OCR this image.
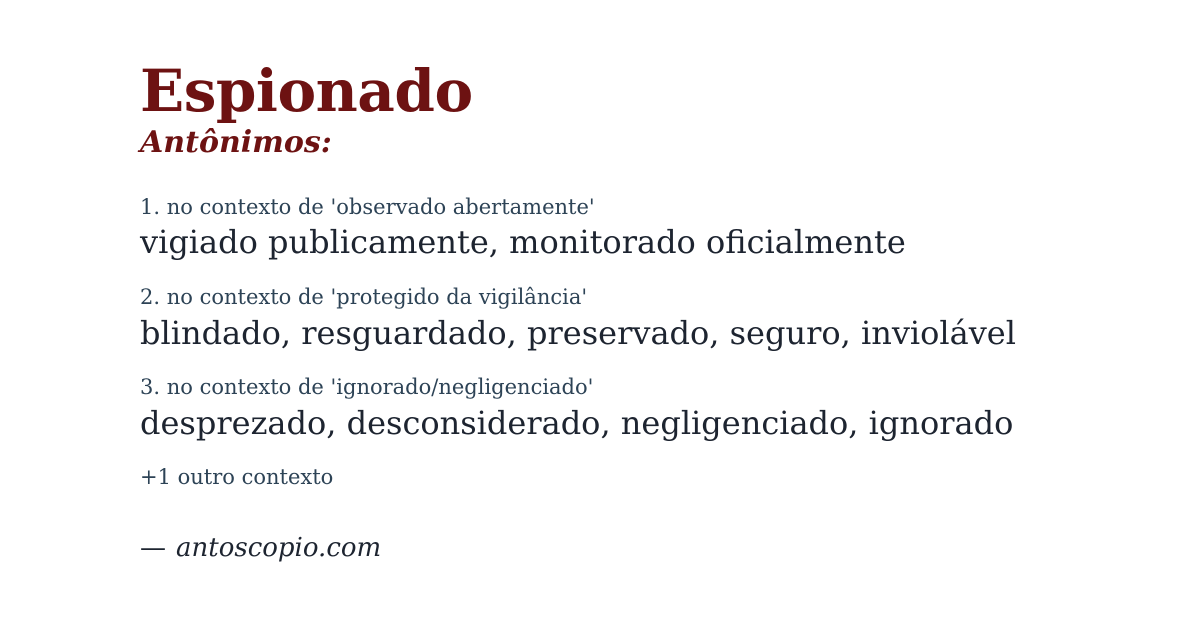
Espionado
Antônimos:
1. no contexto de 'observado abertamente'
vigiado publicamente, monitorado oficialmente
2. no contexto de 'protegido da vigilância'
blindado, resguardado, preservado, seguro, inviolável
3. no contexto de 'ignorado/negligenciado'
desprezado, desconsiderado, negligenciado, ignorado
+1 outro contexto
— antoscopio.com
